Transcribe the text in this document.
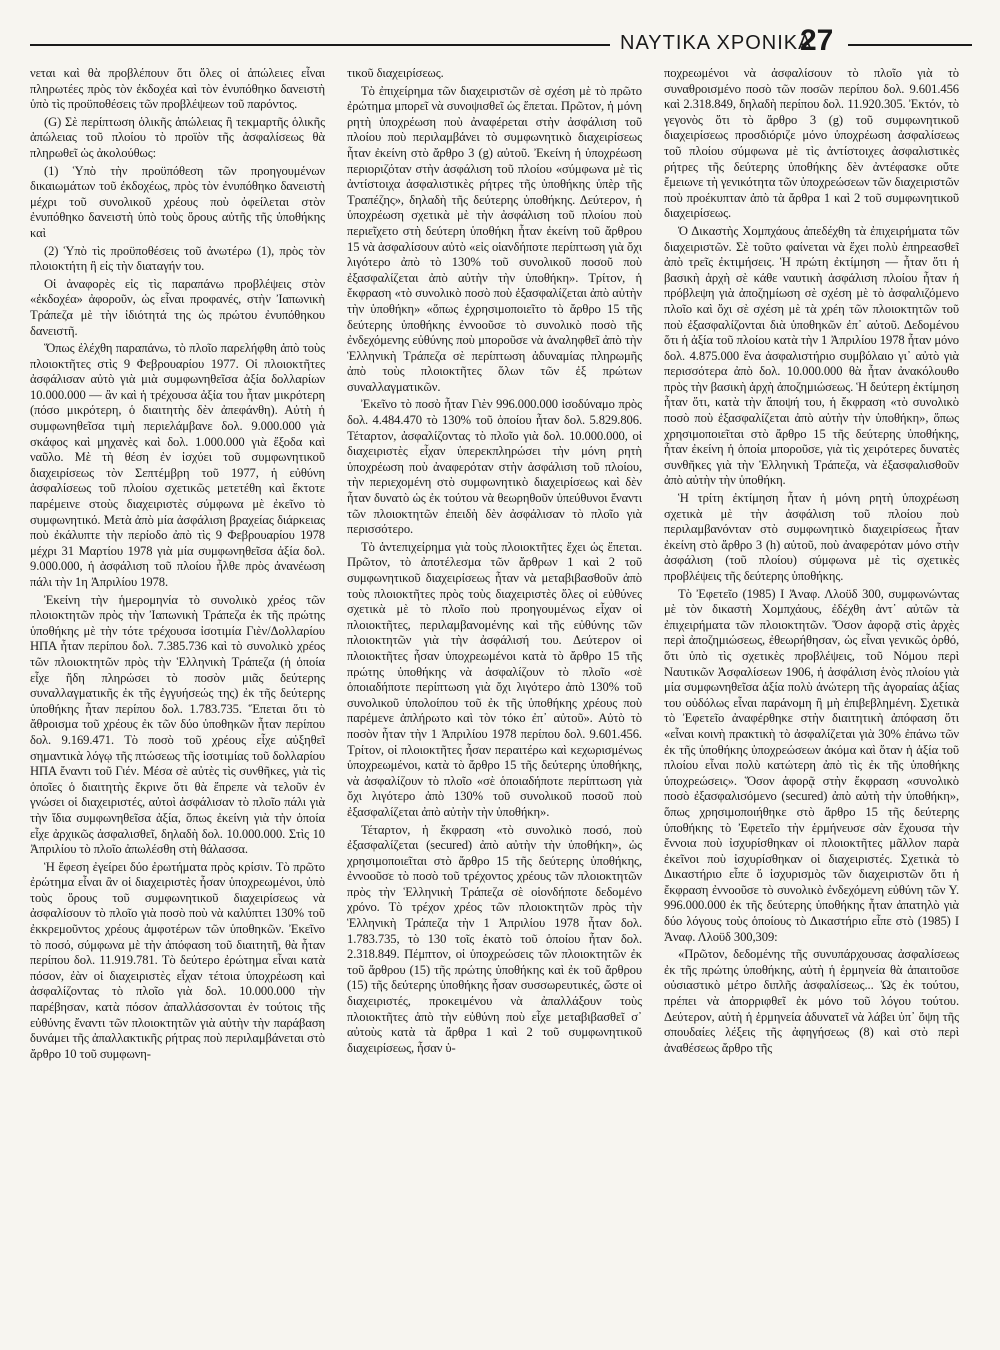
ΝΑΥΤΙΚΑ ΧΡΟΝΙΚΑ
27

νεται καὶ θὰ προβλέπουν ὅτι ὅλες οἱ ἀπώλειες εἶναι πληρωτέες πρὸς τὸν ἐκδοχέα καὶ τὸν ἐνυπόθηκο δανειστὴ ὑπὸ τὶς προϋποθέσεις τῶν προβλέψεων τοῦ παρόντος.

(G) Σὲ περίπτωση ὁλικῆς ἀπώλειας ἢ τεκμαρτῆς ὁλικῆς ἀπώλειας τοῦ πλοίου τὸ προϊὸν τῆς ἀσφαλίσεως θὰ πληρωθεῖ ὡς ἀκολούθως:

(1) Ὑπὸ τὴν προϋπόθεση τῶν προηγουμένων δικαιωμάτων τοῦ ἐκδοχέως, πρὸς τὸν ἐνυπόθηκο δανειστὴ μέχρι τοῦ συνολικοῦ χρέους ποὺ ὀφείλεται στὸν ἐνυπόθηκο δανειστὴ ὑπὸ τοὺς ὅρους αὐτῆς τῆς ὑποθήκης καὶ

(2) Ὑπὸ τὶς προϋποθέσεις τοῦ ἀνωτέρω (1), πρὸς τὸν πλοιοκτήτη ἢ εἰς τὴν διαταγήν του.

Οἱ ἀναφορὲς εἰς τὶς παραπάνω προβλέψεις στὸν «ἐκδοχέα» ἀφοροῦν, ὡς εἶναι προφανές, στὴν Ἰαπωνικὴ Τράπεζα μὲ τὴν ἰδιότητά της ὡς πρώτου ἐνυπόθηκου δανειστῆ.

Ὅπως ἐλέχθη παραπάνω, τὸ πλοῖο παρελήφθη ἀπὸ τοὺς πλοιοκτῆτες στὶς 9 Φεβρουαρίου 1977. Οἱ πλοιοκτῆτες ἀσφάλισαν αὐτὸ γιὰ μιὰ συμφωνηθεῖσα ἀξία δολλαρίων 10.000.000 — ἂν καὶ ἡ τρέχουσα ἀξία του ἦταν μικρότερη (πόσο μικρότερη, ὁ διαιτητὴς δὲν ἀπεφάνθη). Αὐτὴ ἡ συμφωνηθεῖσα τιμὴ περιελάμβανε δολ. 9.000.000 γιὰ σκάφος καὶ μηχανὲς καὶ δολ. 1.000.000 γιὰ ἔξοδα καὶ ναῦλο. Μὲ τὴ θέση ἐν ἰσχύει τοῦ συμφωνητικοῦ διαχειρίσεως τὸν Σεπτέμβρη τοῦ 1977, ἡ εὐθύνη ἀσφαλίσεως τοῦ πλοίου σχετικῶς μετετέθη καὶ ἔκτοτε παρέμεινε στοὺς διαχειριστὲς σύμφωνα μὲ ἐκεῖνο τὸ συμφωνητικό. Μετὰ ἀπὸ μία ἀσφάλιση βραχείας διάρκειας ποὺ ἐκάλυπτε τὴν περίοδο ἀπὸ τὶς 9 Φεβρουαρίου 1978 μέχρι 31 Μαρτίου 1978 γιὰ μία συμφωνηθεῖσα ἀξία δολ. 9.000.000, ἡ ἀσφάλιση τοῦ πλοίου ἦλθε πρὸς ἀνανέωση πάλι τὴν 1η Ἀπριλίου 1978.

Ἐκείνη τὴν ἡμερομηνία τὸ συνολικὸ χρέος τῶν πλοιοκτητῶν πρὸς τὴν Ἰαπωνικὴ Τράπεζα ἐκ τῆς πρώτης ὑποθήκης μὲ τὴν τότε τρέχουσα ἰσοτιμία Γιὲν/Δολλαρίου ΗΠΑ ἦταν περίπου δολ. 7.385.736 καὶ τὸ συνολικὸ χρέος τῶν πλοιοκτητῶν πρὸς τὴν Ἑλληνικὴ Τράπεζα (ἡ ὁποία εἶχε ἤδη πληρώσει τὸ ποσὸν μιᾶς δεύτερης συναλλαγματικῆς ἐκ τῆς ἐγγυήσεώς της) ἐκ τῆς δεύτερης ὑποθήκης ἦταν περίπου δολ. 1.783.735. Ἕπεται ὅτι τὸ ἄθροισμα τοῦ χρέους ἐκ τῶν δύο ὑποθηκῶν ἦταν περίπου δολ. 9.169.471. Τὸ ποσὸ τοῦ χρέους εἶχε αὐξηθεῖ σημαντικὰ λόγῳ τῆς πτώσεως τῆς ἰσοτιμίας τοῦ δολλαρίου ΗΠΑ ἔναντι τοῦ Γιέν. Μέσα σὲ αὐτὲς τὶς συνθῆκες, γιὰ τὶς ὁποῖες ὁ διαιτητὴς ἔκρινε ὅτι θὰ ἔπρεπε νὰ τελοῦν ἐν γνώσει οἱ διαχειριστές, αὐτοὶ ἀσφάλισαν τὸ πλοῖο πάλι γιὰ τὴν ἴδια συμφωνηθεῖσα ἀξία, ὅπως ἐκείνη γιὰ τὴν ὁποία εἶχε ἀρχικῶς ἀσφαλισθεῖ, δηλαδὴ δολ. 10.000.000. Στὶς 10 Ἀπριλίου τὸ πλοῖο ἀπωλέσθη στὴ θάλασσα.

Ἡ ἔφεση ἐγείρει δύο ἐρωτήματα πρὸς κρίσιν. Τὸ πρῶτο ἐρώτημα εἶναι ἂν οἱ διαχειριστὲς ἦσαν ὑποχρεωμένοι, ὑπὸ τοὺς ὅρους τοῦ συμφωνητικοῦ διαχειρίσεως νὰ ἀσφαλίσουν τὸ πλοῖο γιὰ ποσὸ ποὺ νὰ καλύπτει 130% τοῦ ἐκκρεμοῦντος χρέους ἀμφοτέρων τῶν ὑποθηκῶν. Ἐκεῖνο τὸ ποσό, σύμφωνα μὲ τὴν ἀπόφαση τοῦ διαιτητῆ, θὰ ἦταν περίπου δολ. 11.919.781. Τὸ δεύτερο ἐρώτημα εἶναι κατὰ πόσον, ἐὰν οἱ διαχειριστὲς εἶχαν τέτοια ὑποχρέωση καὶ ἀσφαλίζοντας τὸ πλοῖο γιὰ δολ. 10.000.000 τὴν παρέβησαν, κατὰ πόσον ἀπαλλάσσονται ἐν τούτοις τῆς εὐθύνης ἔναντι τῶν πλοιοκτητῶν γιὰ αὐτὴν τὴν παράβαση δυνάμει τῆς ἀπαλλακτικῆς ρήτρας ποὺ περιλαμβάνεται στὸ ἄρθρο 10 τοῦ συμφωνη-

τικοῦ διαχειρίσεως.

Τὸ ἐπιχείρημα τῶν διαχειριστῶν σὲ σχέση μὲ τὸ πρῶτο ἐρώτημα μπορεῖ νὰ συνοψισθεῖ ὡς ἕπεται. Πρῶτον, ἡ μόνη ρητὴ ὑποχρέωση ποὺ ἀναφέρεται στὴν ἀσφάλιση τοῦ πλοίου ποὺ περιλαμβάνει τὸ συμφωνητικὸ διαχειρίσεως ἦταν ἐκείνη στὸ ἄρθρο 3 (g) αὐτοῦ. Ἐκείνη ἡ ὑποχρέωση περιοριζόταν στὴν ἀσφάλιση τοῦ πλοίου «σύμφωνα μὲ τὶς ἀντίστοιχα ἀσφαλιστικὲς ρήτρες τῆς ὑποθήκης ὑπὲρ τῆς Τραπέζης», δηλαδὴ τῆς δεύτερης ὑποθήκης. Δεύτερον, ἡ ὑποχρέωση σχετικὰ μὲ τὴν ἀσφάλιση τοῦ πλοίου ποὺ περιεῖχετο στὴ δεύτερη ὑποθήκη ἦταν ἐκείνη τοῦ ἄρθρου 15 νὰ ἀσφαλίσουν αὐτὸ «εἰς οἱανδήποτε περίπτωση γιὰ ὄχι λιγότερο ἀπὸ τὸ 130% τοῦ συνολικοῦ ποσοῦ ποὺ ἐξασφαλίζεται ἀπὸ αὐτὴν τὴν ὑποθήκη». Τρίτον, ἡ ἔκφραση «τὸ συνολικὸ ποσὸ ποὺ ἐξασφαλίζεται ἀπὸ αὐτὴν τὴν ὑποθήκη» «ὅπως ἐχρησιμοποιεῖτο τὸ ἄρθρο 15 τῆς δεύτερης ὑποθήκης ἐννοοῦσε τὸ συνολικὸ ποσὸ τῆς ἐνδεχόμενης εὐθύνης ποὺ μποροῦσε νὰ ἀναληφθεῖ ἀπὸ τὴν Ἑλληνικὴ Τράπεζα σὲ περίπτωση ἀδυναμίας πληρωμῆς ἀπὸ τοὺς πλοιοκτῆτες ὅλων τῶν ἐξ πρώτων συναλλαγματικῶν.

Ἐκεῖνο τὸ ποσὸ ἦταν Γιὲν 996.000.000 ἰσοδύναμο πρὸς δολ. 4.484.470 τὸ 130% τοῦ ὁποίου ἦταν δολ. 5.829.806. Τέταρτον, ἀσφαλίζοντας τὸ πλοῖο γιὰ δολ. 10.000.000, οἱ διαχειριστὲς εἶχαν ὑπερεκπληρώσει τὴν μόνη ρητὴ ὑποχρέωση ποὺ ἀναφερόταν στὴν ἀσφάλιση τοῦ πλοίου, τὴν περιεχομένη στὸ συμφωνητικὸ διαχειρίσεως καὶ δὲν ἦταν δυνατὸ ὡς ἐκ τούτου νὰ θεωρηθοῦν ὑπεύθυνοι ἔναντι τῶν πλοιοκτητῶν ἐπειδὴ δὲν ἀσφάλισαν τὸ πλοῖο γιὰ περισσότερο.

Τὸ ἀντεπιχείρημα γιὰ τοὺς πλοιοκτῆτες ἔχει ὡς ἕπεται. Πρῶτον, τὸ ἀποτέλεσμα τῶν ἄρθρων 1 καὶ 2 τοῦ συμφωνητικοῦ διαχειρίσεως ἦταν νὰ μεταβιβασθοῦν ἀπὸ τοὺς πλοιοκτῆτες πρὸς τοὺς διαχειριστὲς ὅλες οἱ εὐθύνες σχετικὰ μὲ τὸ πλοῖο ποὺ προηγουμένως εἶχαν οἱ πλοιοκτῆτες, περιλαμβανομένης καὶ τῆς εὐθύνης τῶν πλοιοκτητῶν γιὰ τὴν ἀσφάλισή του. Δεύτερον οἱ πλοιοκτῆτες ἦσαν ὑποχρεωμένοι κατὰ τὸ ἄρθρο 15 τῆς πρώτης ὑποθήκης νὰ ἀσφαλίζουν τὸ πλοῖο «σὲ ὁποιαδήποτε περίπτωση γιὰ ὄχι λιγότερο ἀπὸ 130% τοῦ συνολικοῦ ὑπολοίπου τοῦ ἐκ τῆς ὑποθήκης χρέους ποὺ παρέμενε ἀπλήρωτο καὶ τὸν τόκο ἐπ᾽ αὐτοῦ». Αὐτὸ τὸ ποσὸν ἦταν τὴν 1 Ἀπριλίου 1978 περίπου δολ. 9.601.456. Τρίτον, οἱ πλοιοκτῆτες ἦσαν περαιτέρω καὶ κεχωρισμένως ὑποχρεωμένοι, κατὰ τὸ ἄρθρο 15 τῆς δεύτερης ὑποθήκης, νὰ ἀσφαλίζουν τὸ πλοῖο «σὲ ὁποιαδήποτε περίπτωση γιὰ ὄχι λιγότερο ἀπὸ 130% τοῦ συνολικοῦ ποσοῦ ποὺ ἐξασφαλίζεται ἀπὸ αὐτὴν τὴν ὑποθήκη».

Τέταρτον, ἡ ἔκφραση «τὸ συνολικὸ ποσό, ποὺ ἐξασφαλίζεται (secured) ἀπὸ αὐτὴν τὴν ὑποθήκη», ὡς χρησιμοποιεῖται στὸ ἄρθρο 15 τῆς δεύτερης ὑποθήκης, ἐννοοῦσε τὸ ποσὸ τοῦ τρέχοντος χρέους τῶν πλοιοκτητῶν πρὸς τὴν Ἑλληνικὴ Τράπεζα σὲ οἱονδήποτε δεδομένο χρόνο. Τὸ τρέχον χρέος τῶν πλοιοκτητῶν πρὸς τὴν Ἑλληνικὴ Τράπεζα τὴν 1 Ἀπριλίου 1978 ἦταν δολ. 1.783.735, τὸ 130 τοῖς ἑκατὸ τοῦ ὁποίου ἦταν δολ. 2.318.849. Πέμπτον, οἱ ὑποχρεώσεις τῶν πλοιοκτητῶν ἐκ τοῦ ἄρθρου (15) τῆς πρώτης ὑποθήκης καὶ ἐκ τοῦ ἄρθρου (15) τῆς δεύτερης ὑποθήκης ἦσαν συσσωρευτικές, ὥστε οἱ διαχειριστές, προκειμένου νὰ ἀπαλλάξουν τοὺς πλοιοκτῆτες ἀπὸ τὴν εὐθύνη ποὺ εἶχε μεταβιβασθεῖ σ᾽ αὐτοὺς κατὰ τὰ ἄρθρα 1 καὶ 2 τοῦ συμφωνητικοῦ διαχειρίσεως, ἦσαν ὑ-

ποχρεωμένοι νὰ ἀσφαλίσουν τὸ πλοῖο γιὰ τὸ συναθροισμένο ποσὸ τῶν ποσῶν περίπου δολ. 9.601.456 καὶ 2.318.849, δηλαδὴ περίπου δολ. 11.920.305. Ἐκτόν, τὸ γεγονὸς ὅτι τὸ ἄρθρο 3 (g) τοῦ συμφωνητικοῦ διαχειρίσεως προσδιόριζε μόνο ὑποχρέωση ἀσφαλίσεως τοῦ πλοίου σύμφωνα μὲ τὶς ἀντίστοιχες ἀσφαλιστικὲς ρήτρες τῆς δεύτερης ὑποθήκης δὲν ἀντέφασκε οὔτε ἔμειωνε τὴ γενικότητα τῶν ὑποχρεώσεων τῶν διαχειριστῶν ποὺ προέκυπταν ἀπὸ τὰ ἄρθρα 1 καὶ 2 τοῦ συμφωνητικοῦ διαχειρίσεως.

Ὁ Δικαστὴς Χομπχάους ἀπεδέχθη τὰ ἐπιχειρήματα τῶν διαχειριστῶν. Σὲ τοῦτο φαίνεται νὰ ἔχει πολὺ ἐπηρεασθεῖ ἀπὸ τρεῖς ἐκτιμήσεις. Ἡ πρώτη ἐκτίμηση — ἦταν ὅτι ἡ βασικὴ ἀρχὴ σὲ κάθε ναυτικὴ ἀσφάλιση πλοίου ἦταν ἡ πρόβλεψη γιὰ ἀποζημίωση σὲ σχέση μὲ τὸ ἀσφαλιζόμενο πλοῖο καὶ ὄχι σὲ σχέση μὲ τὰ χρέη τῶν πλοιοκτητῶν τοῦ ποὺ ἐξασφαλίζονται διὰ ὑποθηκῶν ἐπ᾽ αὐτοῦ. Δεδομένου ὅτι ἡ ἀξία τοῦ πλοίου κατὰ τὴν 1 Ἀπριλίου 1978 ἦταν μόνο δολ. 4.875.000 ἕνα ἀσφαλιστήριο συμβόλαιο γι᾽ αὐτὸ γιὰ περισσότερα ἀπὸ δολ. 10.000.000 θὰ ἦταν ἀνακόλουθο πρὸς τὴν βασικὴ ἀρχὴ ἀποζημιώσεως. Ἡ δεύτερη ἐκτίμηση ἦταν ὅτι, κατὰ τὴν ἄποψή του, ἡ ἔκφραση «τὸ συνολικὸ ποσὸ ποὺ ἐξασφαλίζεται ἀπὸ αὐτὴν τὴν ὑποθήκη», ὅπως χρησιμοποιεῖται στὸ ἄρθρο 15 τῆς δεύτερης ὑποθήκης, ἦταν ἐκείνη ἡ ὁποία μποροῦσε, γιὰ τὶς χειρότερες δυνατὲς συνθῆκες γιὰ τὴν Ἑλληνικὴ Τράπεζα, νὰ ἐξασφαλισθοῦν ἀπὸ αὐτὴν τὴν ὑποθήκη.

Ἡ τρίτη ἐκτίμηση ἦταν ἡ μόνη ρητὴ ὑποχρέωση σχετικὰ μὲ τὴν ἀσφάλιση τοῦ πλοίου ποὺ περιλαμβανόνταν στὸ συμφωνητικὸ διαχειρίσεως ἦταν ἐκείνη στὸ ἄρθρο 3 (h) αὐτοῦ, ποὺ ἀναφερόταν μόνο στὴν ἀσφάλιση (τοῦ πλοίου) σύμφωνα μὲ τὶς σχετικὲς προβλέψεις τῆς δεύτερης ὑποθήκης.

Τὸ Ἐφετεῖο (1985) I Ἀναφ. Λλοϋδ 300, συμφωνώντας μὲ τὸν δικαστὴ Χομπχάους, ἐδέχθη ἀντ᾽ αὐτῶν τὰ ἐπιχειρήματα τῶν πλοιοκτητῶν. Ὅσον ἀφορᾷ στὶς ἀρχὲς περὶ ἀποζημιώσεως, ἐθεωρήθησαν, ὡς εἶναι γενικῶς ὀρθό, ὅτι ὑπὸ τὶς σχετικὲς προβλέψεις, τοῦ Νόμου περὶ Ναυτικῶν Ἀσφαλίσεων 1906, ἡ ἀσφάλιση ἑνὸς πλοίου γιὰ μία συμφωνηθεῖσα ἀξία πολὺ ἀνώτερη τῆς ἀγοραίας ἀξίας του οὐδόλως εἶναι παράνομη ἢ μὴ ἐπιβεβλημένη. Σχετικὰ τὸ Ἐφετεῖο ἀναφέρθηκε στὴν διαιτητικὴ ἀπόφαση ὅτι «εἶναι κοινὴ πρακτικὴ τὸ ἀσφαλίζεται γιὰ 30% ἐπάνω τῶν ἐκ τῆς ὑποθήκης ὑποχρεώσεων ἀκόμα καὶ ὅταν ἡ ἀξία τοῦ πλοίου εἶναι πολὺ κατώτερη ἀπὸ τὶς ἐκ τῆς ὑποθήκης ὑποχρεώσεις». Ὅσον ἀφορᾷ στὴν ἔκφραση «συνολικὸ ποσὸ ἐξασφαλισόμενο (secured) ἀπὸ αὐτὴ τὴν ὑποθήκη», ὅπως χρησιμοποιήθηκε στὸ ἄρθρο 15 τῆς δεύτερης ὑποθήκης τὸ Ἐφετεῖο τὴν ἑρμήνευσε σὰν ἔχουσα τὴν ἔννοια ποὺ ἰσχυρίσθηκαν οἱ πλοιοκτῆτες μᾶλλον παρὰ ἐκεῖνοι ποὺ ἰσχυρίσθηκαν οἱ διαχειριστές. Σχετικὰ τὸ Δικαστήριο εἶπε ὅ ἰσχυρισμὸς τῶν διαχειριστῶν ὅτι ἡ ἔκφραση ἐννοοῦσε τὸ συνολικὸ ἐνδεχόμενη εὐθύνη τῶν Υ. 996.000.000 ἐκ τῆς δεύτερης ὑποθήκης ἦταν ἀπατηλὸ γιὰ δύο λόγους τοὺς ὁποίους τὸ Δικαστήριο εἶπε στὸ (1985) I Ἀναφ. Λλοϋδ 300,309:

«Πρῶτον, δεδομένης τῆς συνυπάρχουσας ἀσφαλίσεως ἐκ τῆς πρώτης ὑποθήκης, αὐτὴ ἡ ἑρμηνεία θὰ ἀπαιτοῦσε οὐσιαστικὸ μέτρο διπλῆς ἀσφαλίσεως... Ὡς ἐκ τούτου, πρέπει νὰ ἀπορριφθεῖ ἐκ μόνο τοῦ λόγου τούτου. Δεύτερον, αὐτὴ ἡ ἑρμηνεία ἀδυνατεῖ νὰ λάβει ὑπ᾽ ὄψη τῆς σπουδαίες λέξεις τῆς ἀφηγήσεως (8) καὶ στὸ περὶ ἀναθέσεως ἄρθρο τῆς
